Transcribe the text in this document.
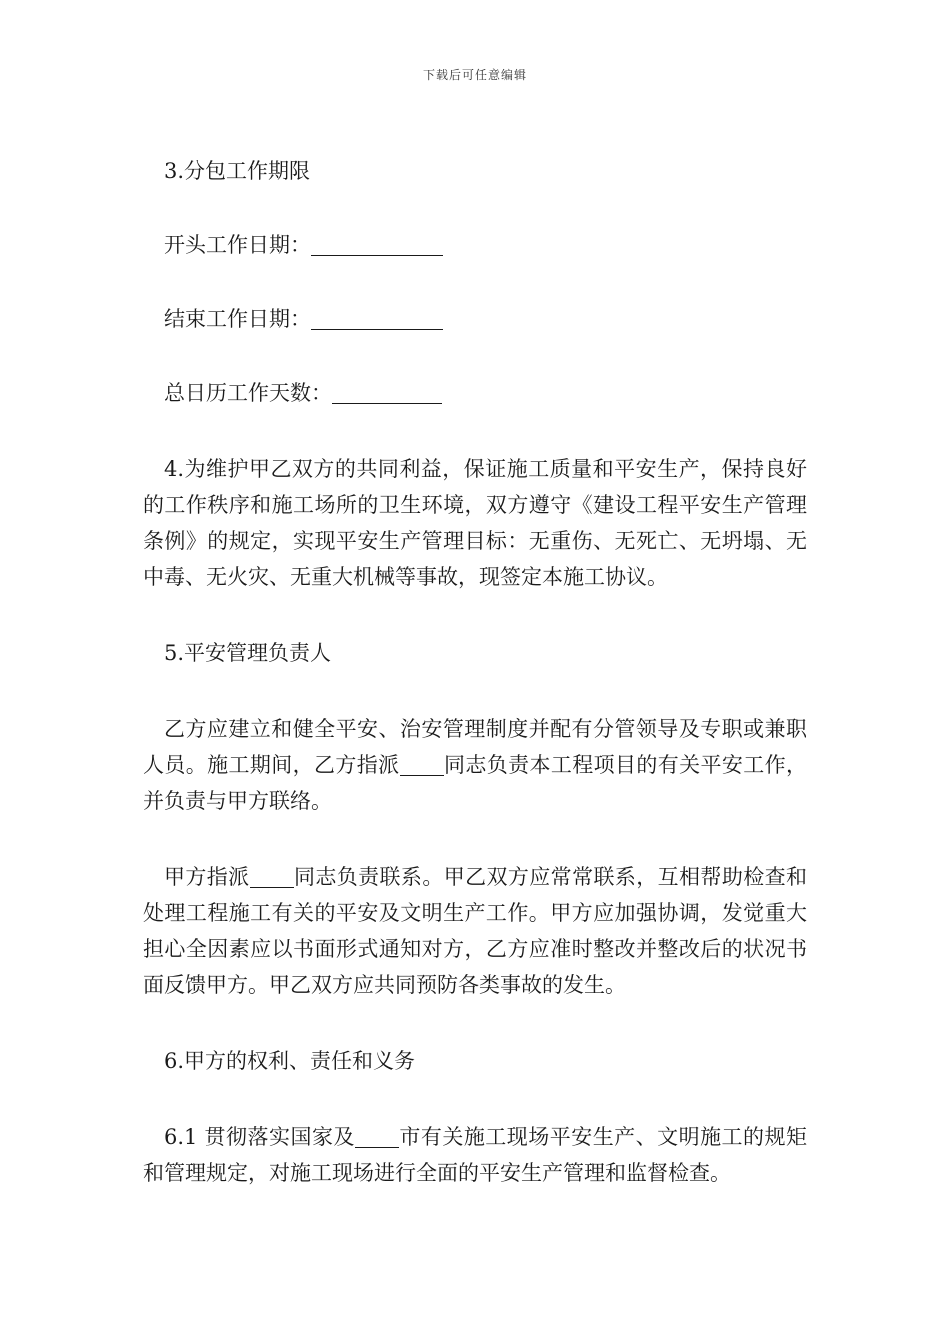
下载后可任意编辑

3.分包工作期限

开头工作日期：

结束工作日期：

总日历工作天数：

4.为维护甲乙双方的共同利益，保证施工质量和平安生产，保持良好的工作秩序和施工场所的卫生环境，双方遵守《建设工程平安生产管理条例》的规定，实现平安生产管理目标：无重伤、无死亡、无坍塌、无中毒、无火灾、无重大机械等事故，现签定本施工协议。

5.平安管理负责人

乙方应建立和健全平安、治安管理制度并配有分管领导及专职或兼职人员。施工期间，乙方指派 同志负责本工程项目的有关平安工作，并负责与甲方联络。

甲方指派 同志负责联系。甲乙双方应常常联系，互相帮助检查和处理工程施工有关的平安及文明生产工作。甲方应加强协调，发觉重大担心全因素应以书面形式通知对方，乙方应准时整改并整改后的状况书面反馈甲方。甲乙双方应共同预防各类事故的发生。

6.甲方的权利、责任和义务

6.1 贯彻落实国家及 市有关施工现场平安生产、文明施工的规矩和管理规定，对施工现场进行全面的平安生产管理和监督检查。
